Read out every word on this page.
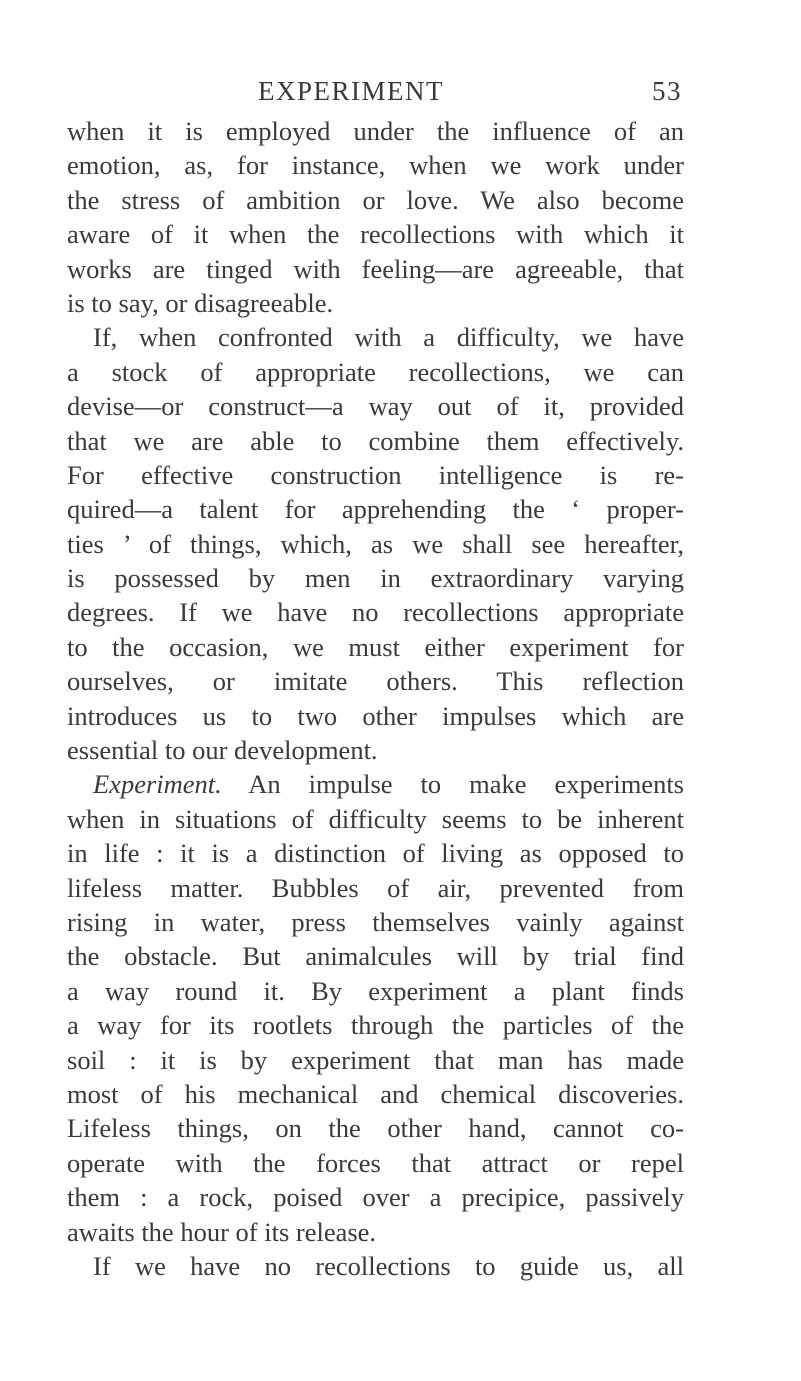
EXPERIMENT	53
when it is employed under the influence of an
emotion, as, for instance, when we work under
the stress of ambition or love. We also become
aware of it when the recollections with which it
works are tinged with feeling—are agreeable, that
is to say, or disagreeable.
If, when confronted with a difficulty, we have
a stock of appropriate recollections, we can
devise—or construct—a way out of it, provided
that we are able to combine them effectively.
For effective construction intelligence is re-
quired—a talent for apprehending the ‘ proper-
ties ’ of things, which, as we shall see hereafter,
is possessed by men in extraordinary varying
degrees. If we have no recollections appropriate
to the occasion, we must either experiment for
ourselves, or imitate others. This reflection
introduces us to two other impulses which are
essential to our development.
Experiment. An impulse to make experiments
when in situations of difficulty seems to be inherent
in life : it is a distinction of living as opposed to
lifeless matter. Bubbles of air, prevented from
rising in water, press themselves vainly against
the obstacle. But animalcules will by trial find
a way round it. By experiment a plant finds
a way for its rootlets through the particles of the
soil : it is by experiment that man has made
most of his mechanical and chemical discoveries.
Lifeless things, on the other hand, cannot co-
operate with the forces that attract or repel
them : a rock, poised over a precipice, passively
awaits the hour of its release.
If we have no recollections to guide us, all
